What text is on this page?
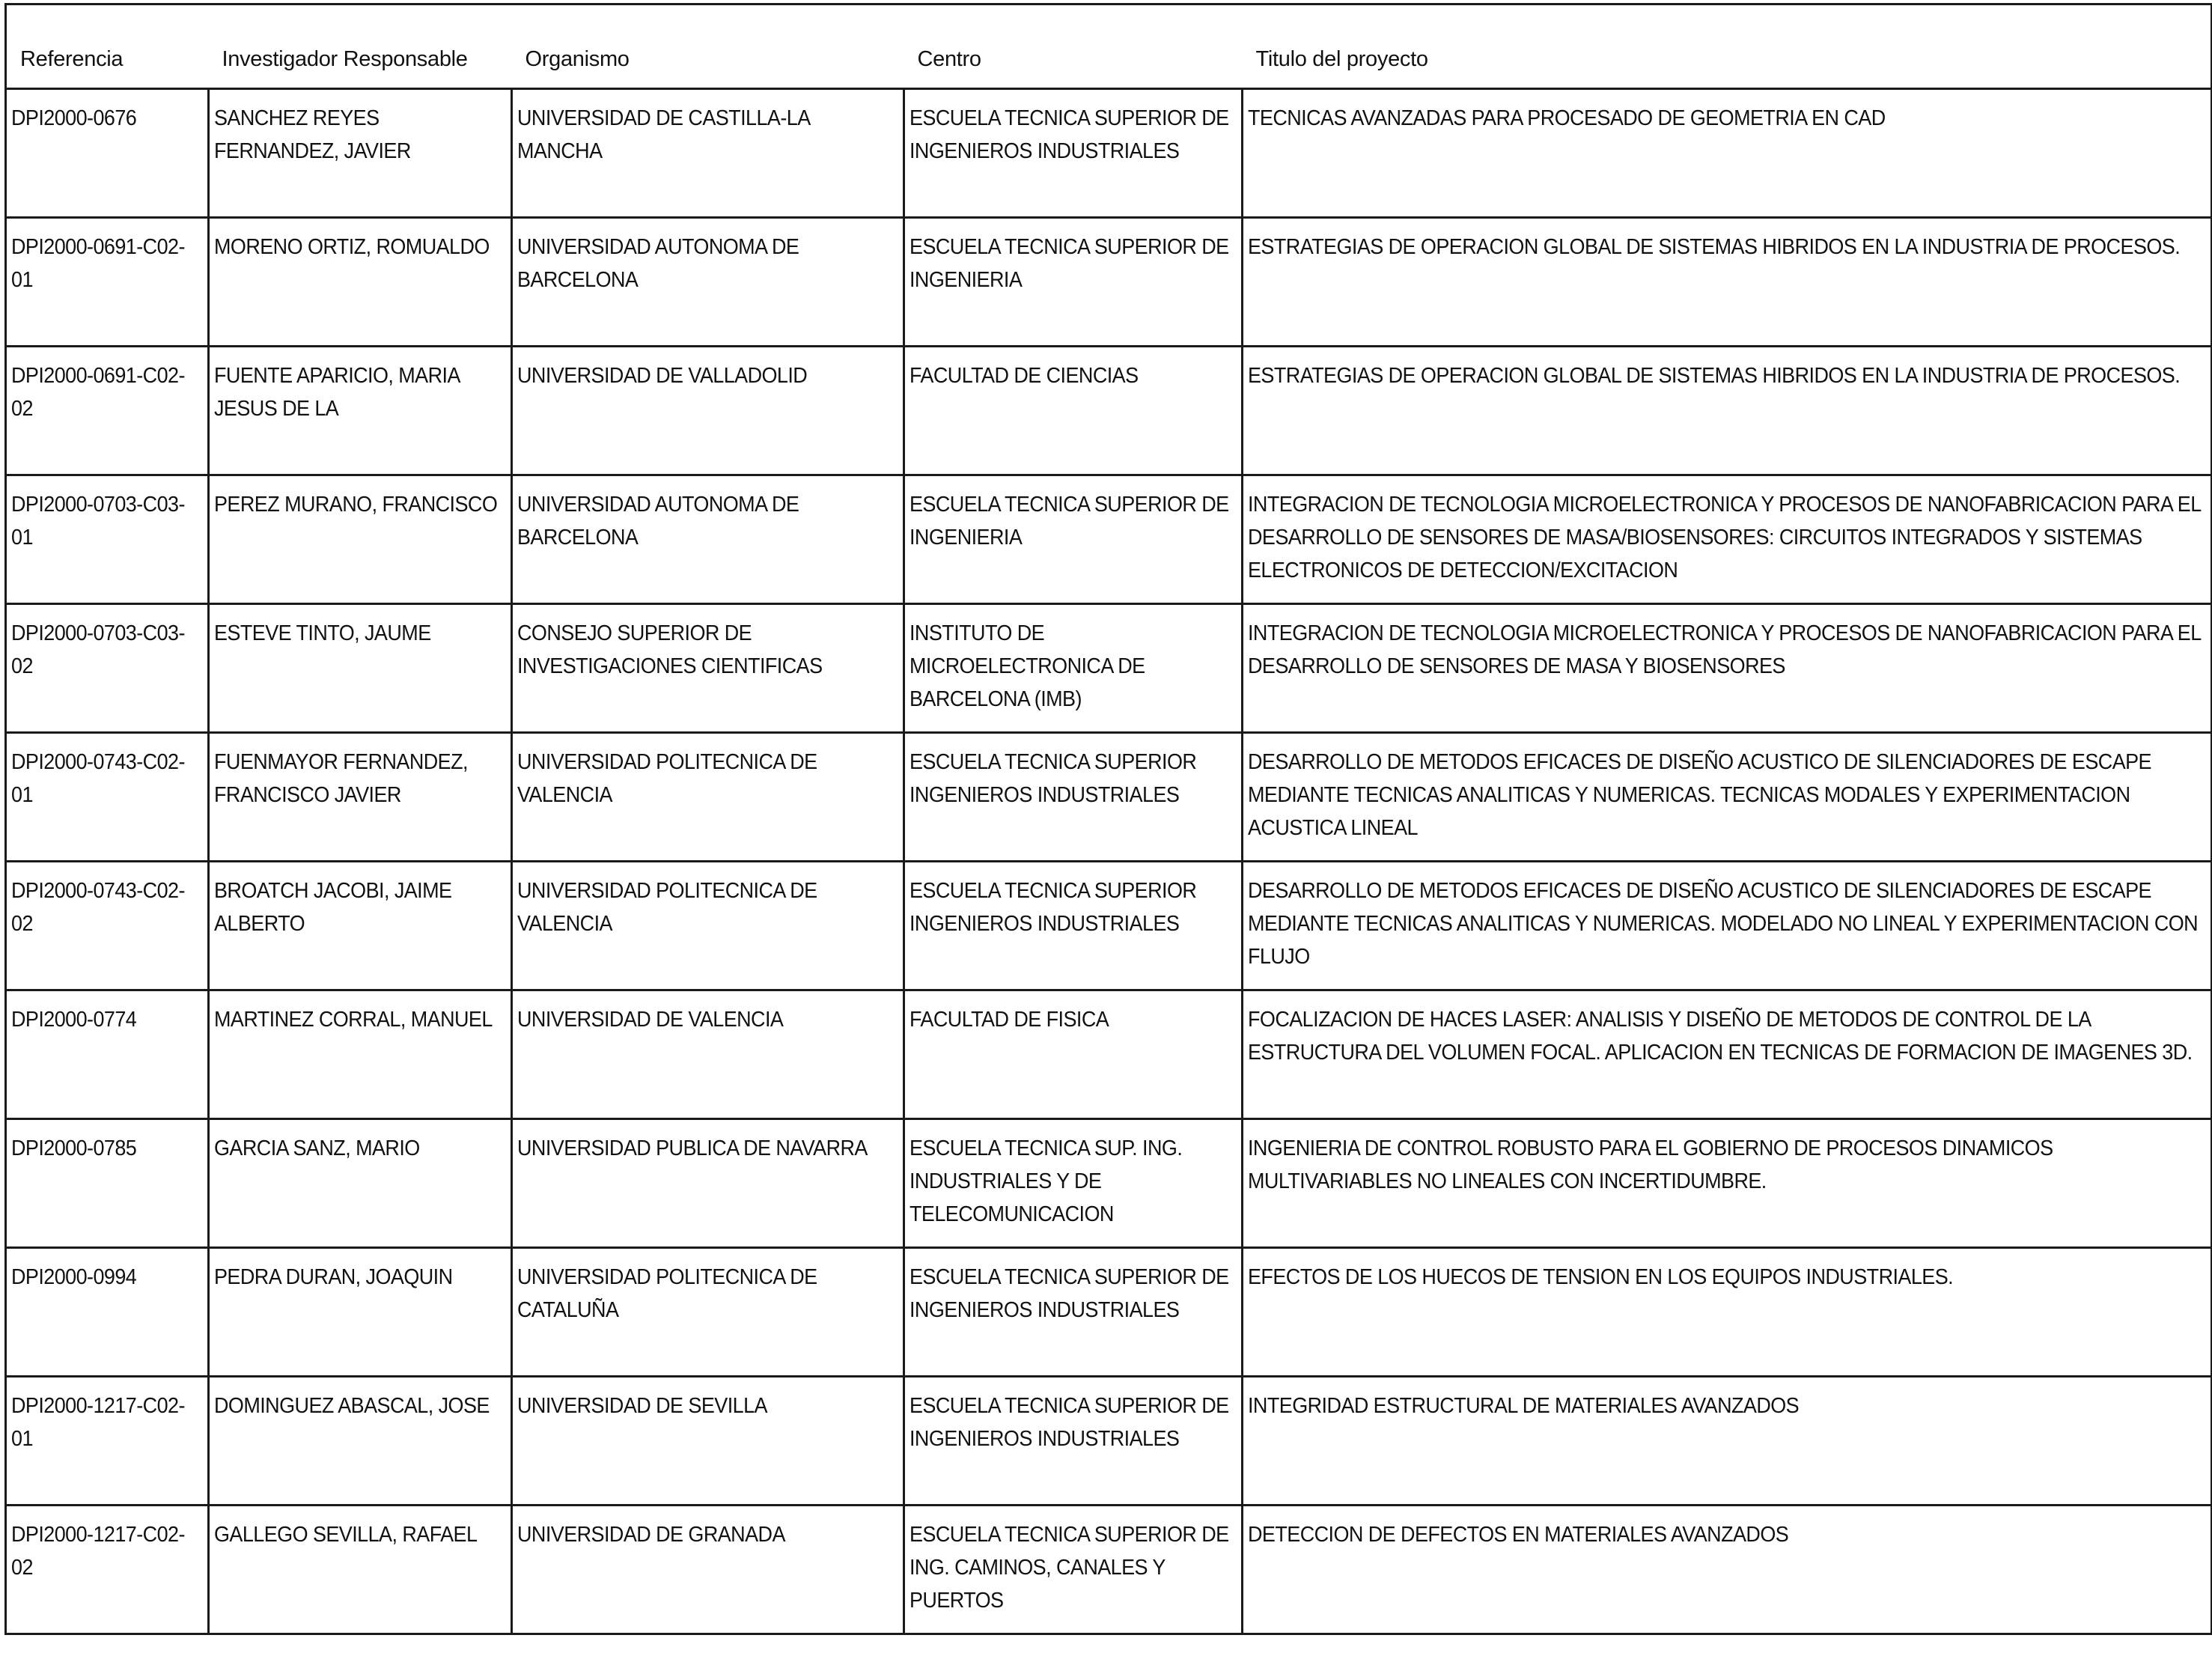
Referencia	Investigador Responsable	Organismo	Centro	Titulo del proyecto

DPI2000-0676	SANCHEZ REYES FERNANDEZ, JAVIER	UNIVERSIDAD DE CASTILLA-LA MANCHA	ESCUELA TECNICA SUPERIOR DE INGENIEROS INDUSTRIALES	TECNICAS AVANZADAS PARA PROCESADO DE GEOMETRIA EN CAD

DPI2000-0691-C02-01	MORENO ORTIZ, ROMUALDO	UNIVERSIDAD AUTONOMA DE BARCELONA	ESCUELA TECNICA SUPERIOR DE INGENIERIA	ESTRATEGIAS DE OPERACION GLOBAL DE SISTEMAS HIBRIDOS EN LA INDUSTRIA DE PROCESOS.

DPI2000-0691-C02-02	FUENTE APARICIO, MARIA JESUS DE LA	UNIVERSIDAD DE VALLADOLID	FACULTAD DE CIENCIAS	ESTRATEGIAS DE OPERACION GLOBAL DE SISTEMAS HIBRIDOS EN LA INDUSTRIA DE PROCESOS.

DPI2000-0703-C03-01	PEREZ MURANO, FRANCISCO	UNIVERSIDAD AUTONOMA DE BARCELONA	ESCUELA TECNICA SUPERIOR DE INGENIERIA	INTEGRACION DE TECNOLOGIA MICROELECTRONICA Y PROCESOS DE NANOFABRICACION PARA EL DESARROLLO DE SENSORES DE MASA/BIOSENSORES: CIRCUITOS INTEGRADOS Y SISTEMAS ELECTRONICOS DE DETECCION/EXCITACION

DPI2000-0703-C03-02	ESTEVE TINTO, JAUME	CONSEJO SUPERIOR DE INVESTIGACIONES CIENTIFICAS	INSTITUTO DE MICROELECTRONICA DE BARCELONA (IMB)	INTEGRACION DE TECNOLOGIA MICROELECTRONICA Y PROCESOS DE NANOFABRICACION PARA EL DESARROLLO DE SENSORES DE MASA Y BIOSENSORES

DPI2000-0743-C02-01	FUENMAYOR FERNANDEZ, FRANCISCO JAVIER	UNIVERSIDAD POLITECNICA DE VALENCIA	ESCUELA TECNICA SUPERIOR INGENIEROS INDUSTRIALES	DESARROLLO DE METODOS EFICACES DE DISEÑO ACUSTICO DE SILENCIADORES DE ESCAPE MEDIANTE TECNICAS ANALITICAS Y NUMERICAS. TECNICAS MODALES Y EXPERIMENTACION ACUSTICA LINEAL

DPI2000-0743-C02-02	BROATCH JACOBI, JAIME ALBERTO	UNIVERSIDAD POLITECNICA DE VALENCIA	ESCUELA TECNICA SUPERIOR INGENIEROS INDUSTRIALES	DESARROLLO DE METODOS EFICACES DE DISEÑO ACUSTICO DE SILENCIADORES DE ESCAPE MEDIANTE TECNICAS ANALITICAS Y NUMERICAS. MODELADO NO LINEAL Y EXPERIMENTACION CON FLUJO

DPI2000-0774	MARTINEZ CORRAL, MANUEL	UNIVERSIDAD DE VALENCIA	FACULTAD DE FISICA	FOCALIZACION DE HACES LASER: ANALISIS Y DISEÑO DE METODOS DE CONTROL DE LA ESTRUCTURA DEL VOLUMEN FOCAL. APLICACION EN TECNICAS DE FORMACION DE IMAGENES 3D.

DPI2000-0785	GARCIA SANZ, MARIO	UNIVERSIDAD PUBLICA DE NAVARRA	ESCUELA TECNICA SUP. ING. INDUSTRIALES Y DE TELECOMUNICACION	INGENIERIA DE CONTROL ROBUSTO PARA EL GOBIERNO DE PROCESOS DINAMICOS MULTIVARIABLES NO LINEALES CON INCERTIDUMBRE.

DPI2000-0994	PEDRA DURAN, JOAQUIN	UNIVERSIDAD POLITECNICA DE CATALUÑA	ESCUELA TECNICA SUPERIOR DE INGENIEROS INDUSTRIALES	EFECTOS DE LOS HUECOS DE TENSION EN LOS EQUIPOS INDUSTRIALES.

DPI2000-1217-C02-01	DOMINGUEZ ABASCAL, JOSE	UNIVERSIDAD DE SEVILLA	ESCUELA TECNICA SUPERIOR DE INGENIEROS INDUSTRIALES	INTEGRIDAD ESTRUCTURAL DE MATERIALES AVANZADOS

DPI2000-1217-C02-02	GALLEGO SEVILLA, RAFAEL	UNIVERSIDAD DE GRANADA	ESCUELA TECNICA SUPERIOR DE ING. CAMINOS, CANALES Y PUERTOS	DETECCION DE DEFECTOS EN MATERIALES AVANZADOS
